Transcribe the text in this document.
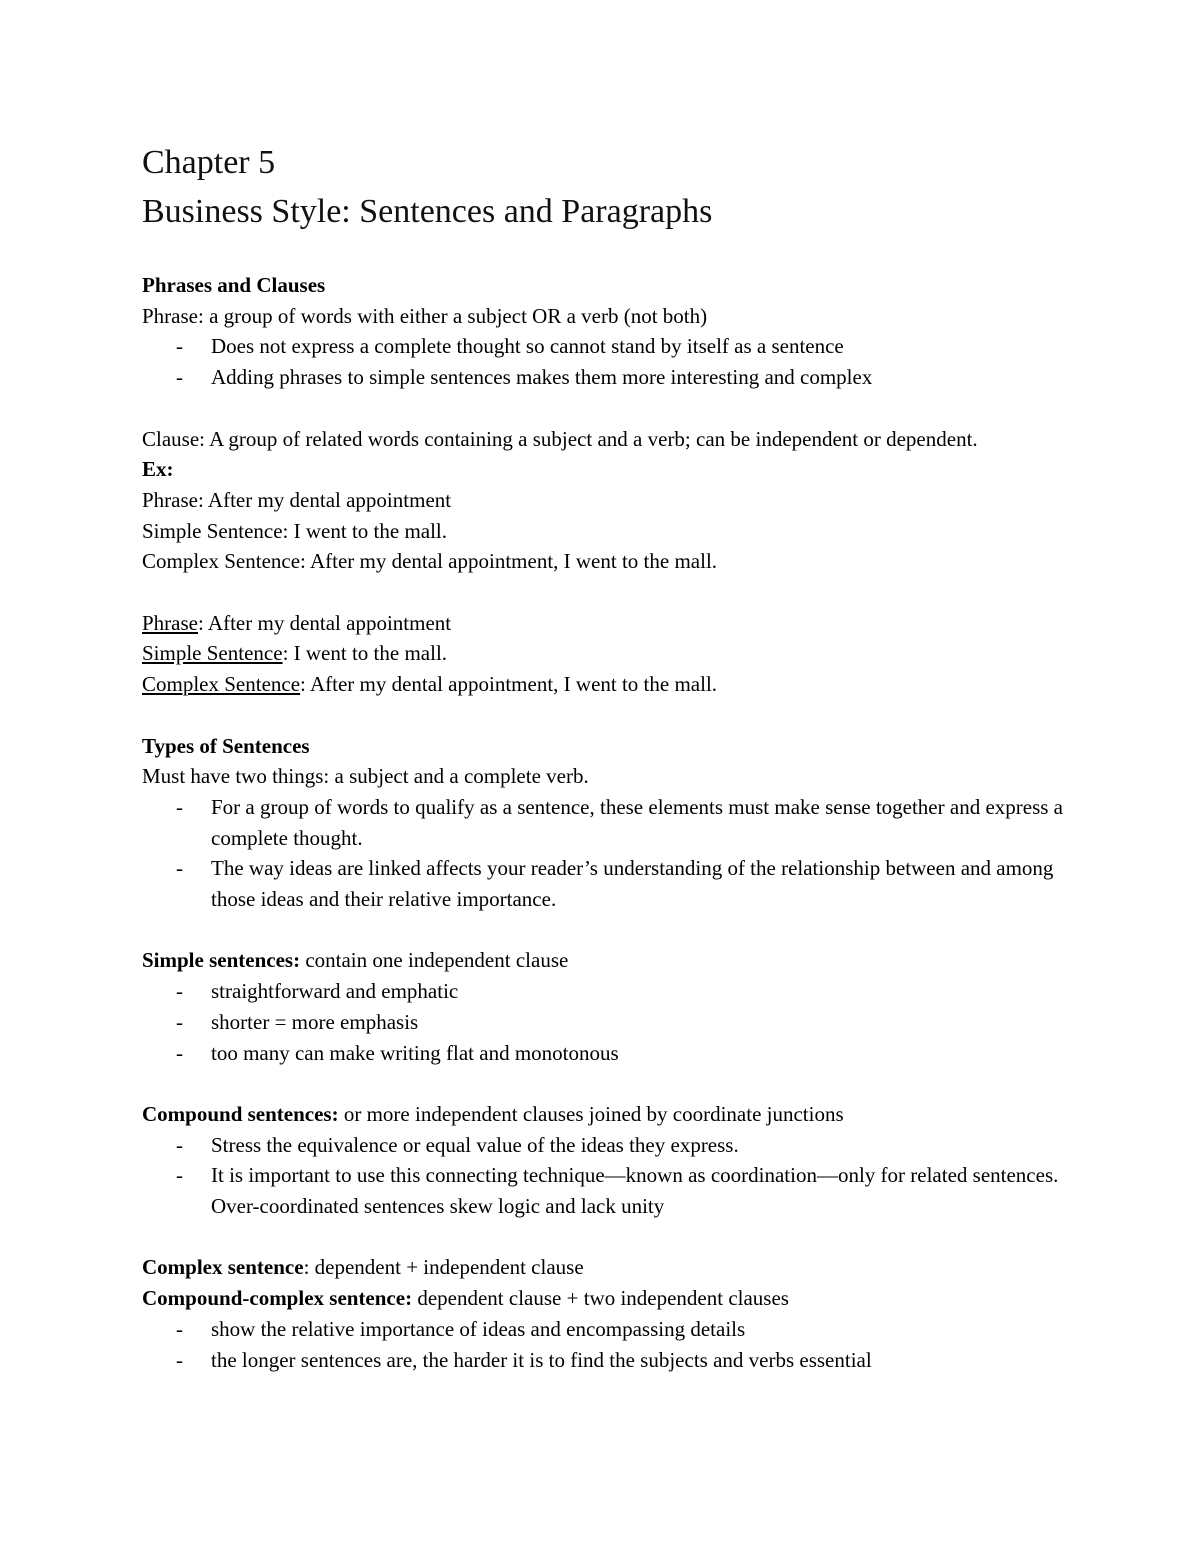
Chapter 5
Business Style: Sentences and Paragraphs
Phrases and Clauses
Phrase: a group of words with either a subject OR a verb (not both)
- Does not express a complete thought so cannot stand by itself as a sentence
- Adding phrases to simple sentences makes them more interesting and complex
Clause: A group of related words containing a subject and a verb; can be independent or dependent.
Ex:
Phrase: After my dental appointment
Simple Sentence: I went to the mall.
Complex Sentence: After my dental appointment, I went to the mall.
Phrase: After my dental appointment
Simple Sentence: I went to the mall.
Complex Sentence: After my dental appointment, I went to the mall.
Types of Sentences
Must have two things: a subject and a complete verb.
- For a group of words to qualify as a sentence, these elements must make sense together and express a complete thought.
- The way ideas are linked affects your reader’s understanding of the relationship between and among those ideas and their relative importance.
Simple sentences: contain one independent clause
- straightforward and emphatic
- shorter = more emphasis
- too many can make writing flat and monotonous
Compound sentences: or more independent clauses joined by coordinate junctions
- Stress the equivalence or equal value of the ideas they express.
- It is important to use this connecting technique—known as coordination—only for related sentences. Over-coordinated sentences skew logic and lack unity
Complex sentence: dependent + independent clause
Compound-complex sentence: dependent clause + two independent clauses
- show the relative importance of ideas and encompassing details
- the longer sentences are, the harder it is to find the subjects and verbs essential
